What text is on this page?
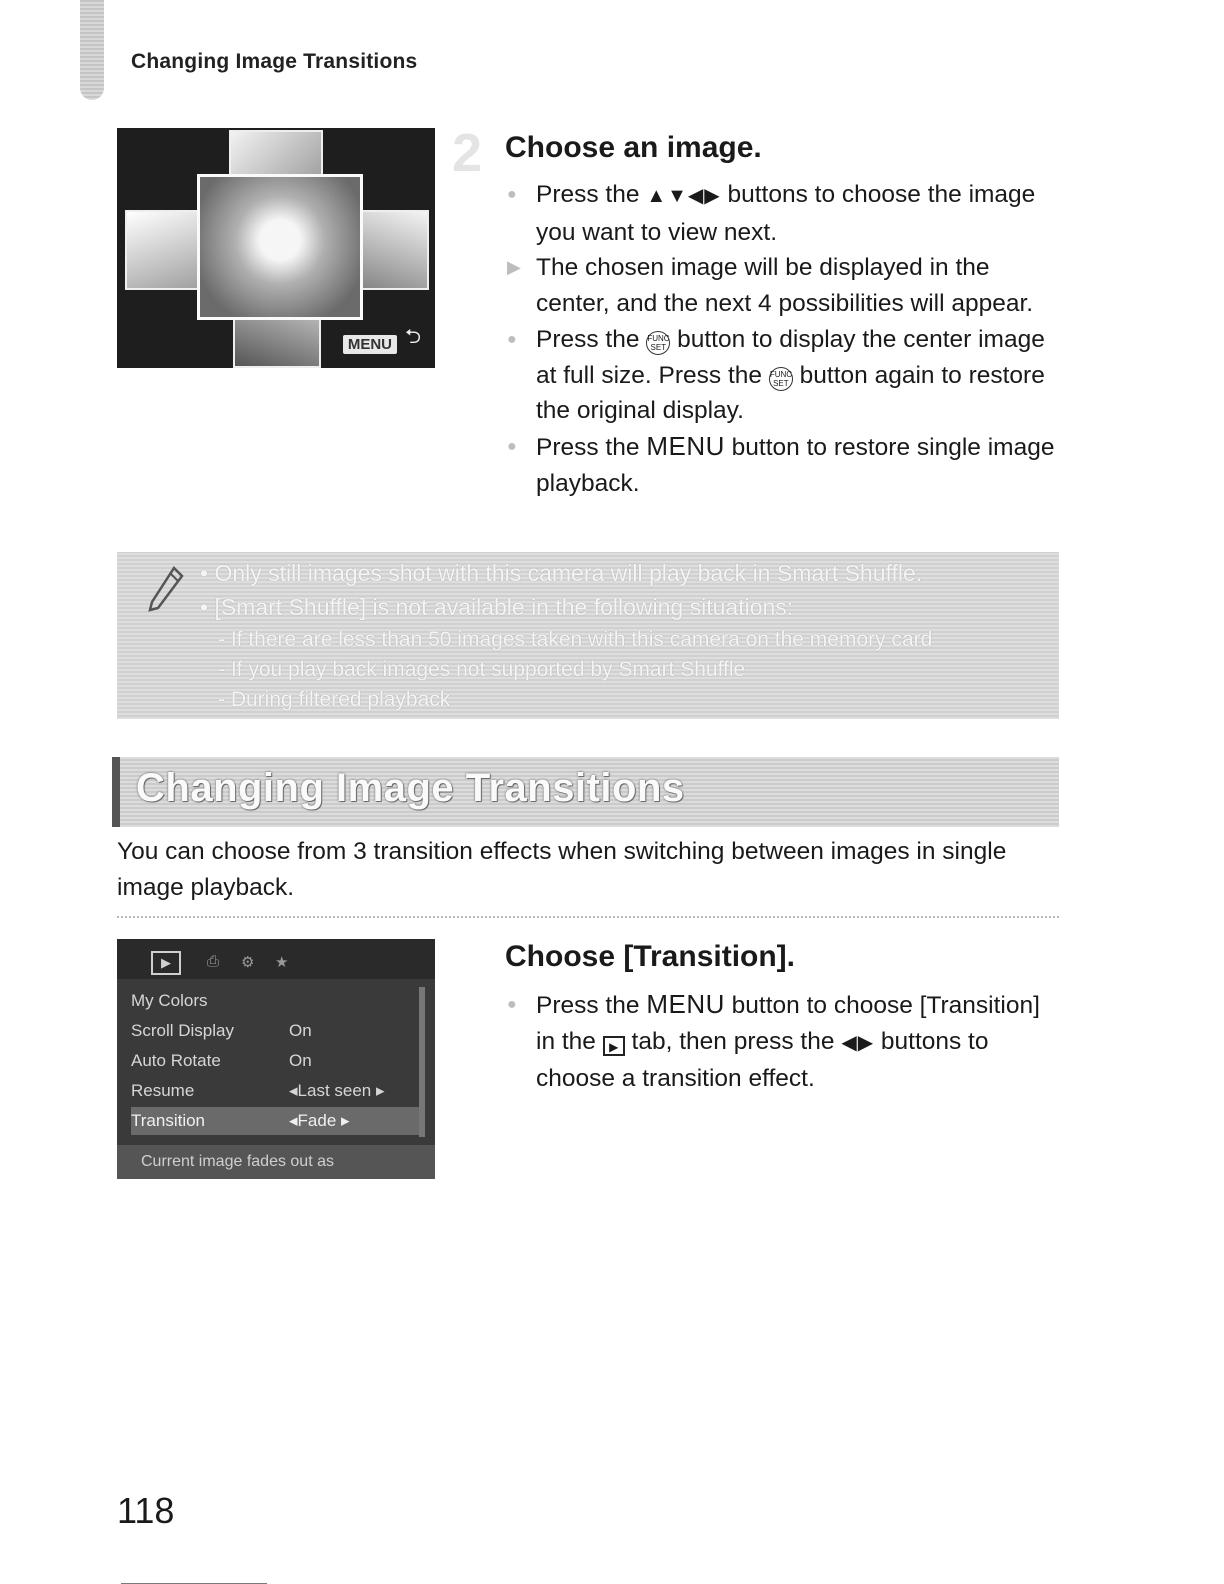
Changing Image Transitions
MENU ⮌
2 Choose an image.
● Press the ▲▼◀▶ buttons to choose the image you want to view next.
▶ The chosen image will be displayed in the center, and the next 4 possibilities will appear.
● Press the FUNC
SET button to display the center image at full size. Press the FUNC
SET button again to restore the original display.
● Press the MENU button to restore single image playback.
• Only still images shot with this camera will play back in Smart Shuffle.
• [Smart Shuffle] is not available in the following situations:
- If there are less than 50 images taken with this camera on the memory card
- If you play back images not supported by Smart Shuffle
- During filtered playback
Changing Image Transitions
You can choose from 3 transition effects when switching between images in single image playback.
▶	⎙	⚙	★
My Colors
Scroll Display	On
Auto Rotate	On
Resume	◂Last seen ▸
Transition	◂Fade ▸
Current image fades out as
Choose [Transition].
● Press the MENU button to choose [Transition] in the ▶ tab, then press the ◀▶ buttons to choose a transition effect.
118
